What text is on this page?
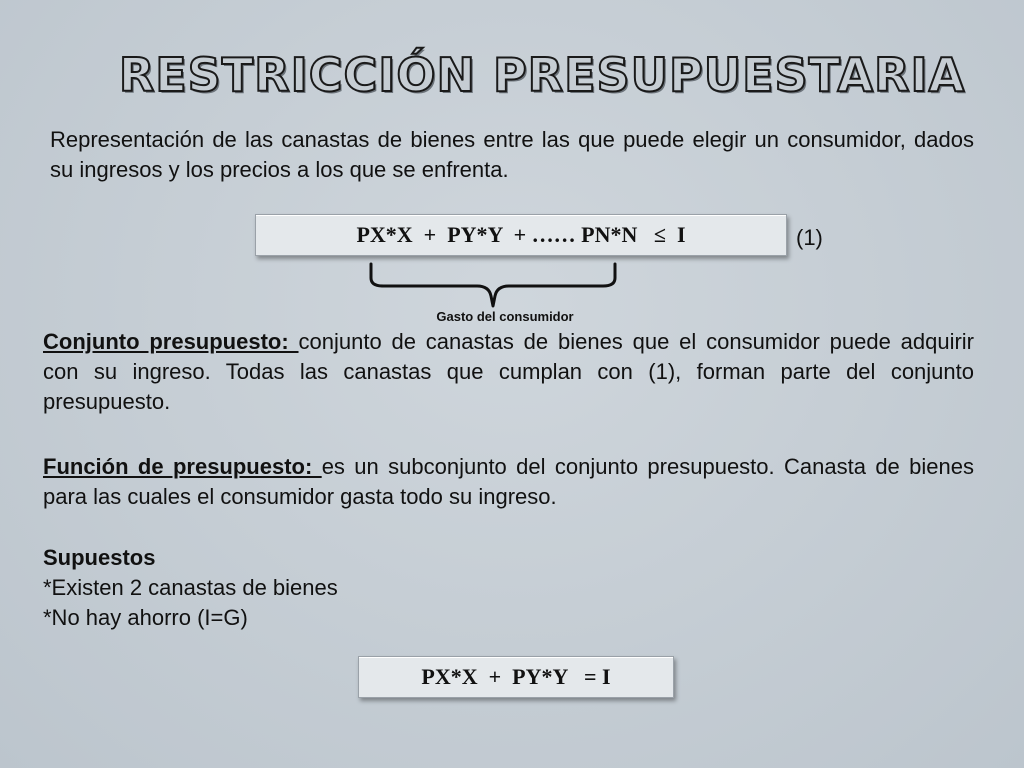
RESTRICCIÓN PRESUPUESTARIA

Representación de las canastas de bienes entre las que puede elegir un consumidor, dados su ingresos y los precios a los que se enfrenta.

PX*X  +  PY*Y  + …… PN*N   ≤  I	(1)
Gasto del consumidor

Conjunto presupuesto: conjunto de canastas de bienes que el consumidor puede adquirir con su ingreso. Todas las canastas que cumplan con (1), forman parte del conjunto presupuesto.

Función de presupuesto: es un subconjunto del conjunto presupuesto. Canasta de bienes para las cuales el consumidor gasta todo su ingreso.

Supuestos

*Existen 2 canastas de bienes

*No hay ahorro (I=G)

PX*X  +  PY*Y   = I
